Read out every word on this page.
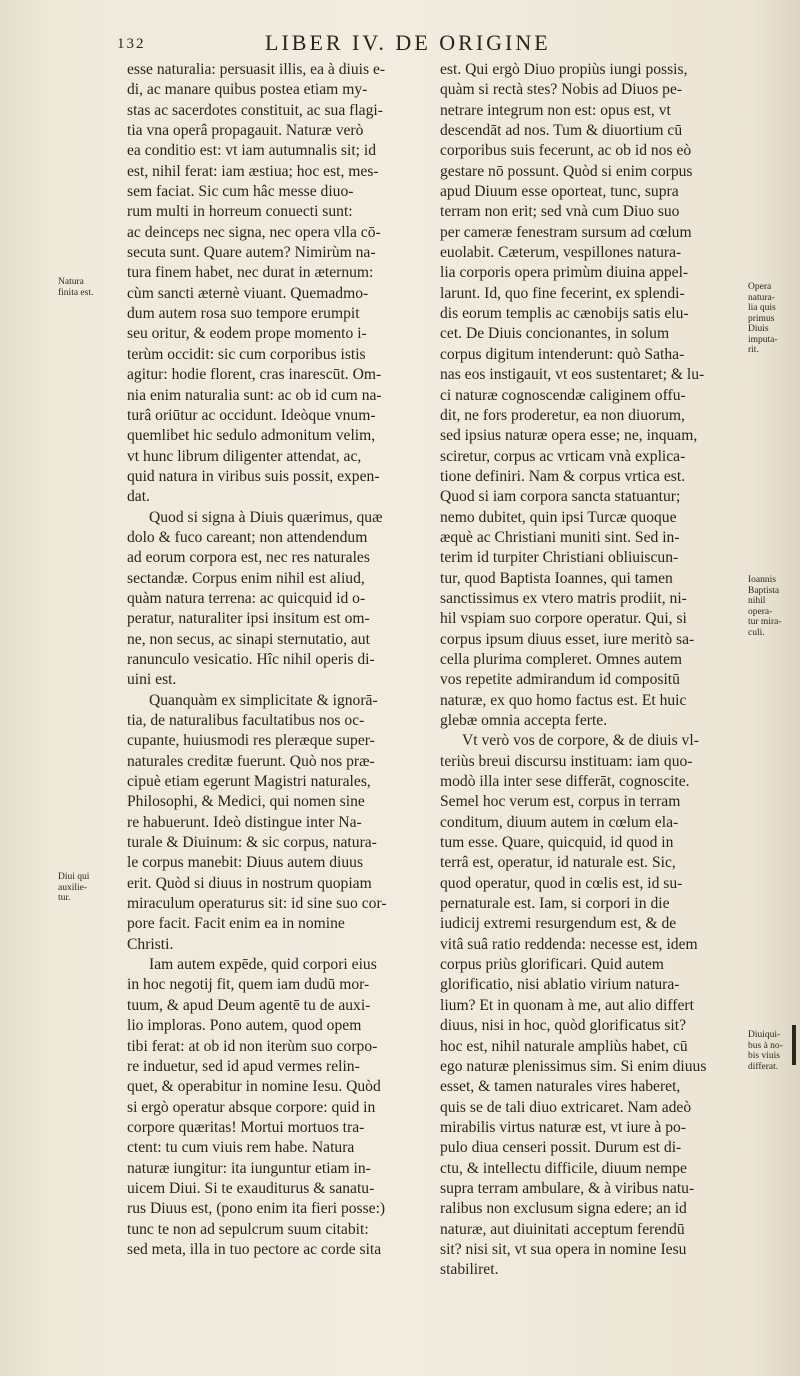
132	LIBER IV. DE ORIGINE
esse naturalia: persuasit illis, ea à diuis e-
di, ac manare quibus postea etiam my-
stas ac sacerdotes constituit, ac sua flagi-
tia vna operâ propagauit. Naturæ verò
ea conditio est: vt iam autumnalis sit; id
est, nihil ferat: iam æstiua; hoc est, mes-
sem faciat. Sic cum hâc messe diuo-
rum multi in horreum conuecti sunt:
ac deinceps nec signa, nec opera vlla cō-
secuta sunt. Quare autem? Nimirùm na-
tura finem habet, nec durat in æternum:
cùm sancti æternè viuant. Quemadmo-
dum autem rosa suo tempore erumpit
seu oritur, & eodem prope momento i-
terùm occidit: sic cum corporibus istis
agitur: hodie florent, cras inarescūt. Om-
nia enim naturalia sunt: ac ob id cum na-
turâ oriūtur ac occidunt. Ideòque vnum-
quemlibet hic sedulo admonitum velim,
vt hunc librum diligenter attendat, ac,
quid natura in viribus suis possit, expen-
dat.
Quod si signa à Diuis quærimus, quæ
dolo & fuco careant; non attendendum
ad eorum corpora est, nec res naturales
sectandæ. Corpus enim nihil est aliud,
quàm natura terrena: ac quicquid id o-
peratur, naturaliter ipsi insitum est om-
ne, non secus, ac sinapi sternutatio, aut
ranunculo vesicatio. Hîc nihil operis di-
uini est.
Quanquàm ex simplicitate & ignorā-
tia, de naturalibus facultatibus nos oc-
cupante, huiusmodi res pleræque super-
naturales creditæ fuerunt. Quò nos præ-
cipuè etiam egerunt Magistri naturales,
Philosophi, & Medici, qui nomen sine
re habuerunt. Ideò distingue inter Na-
turale & Diuinum: & sic corpus, natura-
le corpus manebit: Diuus autem diuus
erit. Quòd si diuus in nostrum quopiam
miraculum operaturus sit: id sine suo cor-
pore facit. Facit enim ea in nomine
Christi.
Iam autem expēde, quid corpori eius
in hoc negotij fit, quem iam dudū mor-
tuum, & apud Deum agentē tu de auxi-
lio imploras. Pono autem, quod opem
tibi ferat: at ob id non iterùm suo corpo-
re induetur, sed id apud vermes relin-
quet, & operabitur in nomine Iesu. Quòd
si ergò operatur absque corpore: quid in
corpore quæritas! Mortui mortuos tra-
ctent: tu cum viuis rem habe. Natura
naturæ iungitur: ita iunguntur etiam in-
uicem Diui. Si te exauditurus & sanatu-
rus Diuus est, (pono enim ita fieri posse:)
tunc te non ad sepulcrum suum citabit:
sed meta, illa in tuo pectore ac corde sita
est. Qui ergò Diuo propiùs iungi possis,
quàm si rectà stes? Nobis ad Diuos pe-
netrare integrum non est: opus est, vt
descendāt ad nos. Tum & diuortium cū
corporibus suis fecerunt, ac ob id nos eò
gestare nō possunt. Quòd si enim corpus
apud Diuum esse oporteat, tunc, supra
terram non erit; sed vnà cum Diuo suo
per cameræ fenestram sursum ad cœlum
euolabit. Cæterum, vespillones natura-
lia corporis opera primùm diuina appel-
larunt. Id, quo fine fecerint, ex splendi-
dis eorum templis ac cænobijs satis elu-
cet. De Diuis concionantes, in solum
corpus digitum intenderunt: quò Satha-
nas eos instigauit, vt eos sustentaret; & lu-
ci naturæ cognoscendæ caliginem offu-
dit, ne fors proderetur, ea non diuorum,
sed ipsius naturæ opera esse; ne, inquam,
sciretur, corpus ac vrticam vnà explica-
tione definiri. Nam & corpus vrtica est.
Quod si iam corpora sancta statuantur;
nemo dubitet, quin ipsi Turcæ quoque
æquè ac Christiani muniti sint. Sed in-
terim id turpiter Christiani obliuiscun-
tur, quod Baptista Ioannes, qui tamen
sanctissimus ex vtero matris prodiit, ni-
hil vspiam suo corpore operatur. Qui, si
corpus ipsum diuus esset, iure meritò sa-
cella plurima compleret. Omnes autem
vos repetite admirandum id compositū
naturæ, ex quo homo factus est. Et huic
glebæ omnia accepta ferte.
Vt verò vos de corpore, & de diuis vl-
teriùs breui discursu instituam: iam quo-
modò illa inter sese differāt, cognoscite.
Semel hoc verum est, corpus in terram
conditum, diuum autem in cœlum ela-
tum esse. Quare, quicquid, id quod in
terrâ est, operatur, id naturale est. Sic,
quod operatur, quod in cœlis est, id su-
pernaturale est. Iam, si corpori in die
iudicij extremi resurgendum est, & de
vitâ suâ ratio reddenda: necesse est, idem
corpus priùs glorificari. Quid autem
glorificatio, nisi ablatio virium natura-
lium? Et in quonam à me, aut alio differt
diuus, nisi in hoc, quòd glorificatus sit?
hoc est, nihil naturale ampliùs habet, cū
ego naturæ plenissimus sim. Si enim diuus
esset, & tamen naturales vires haberet,
quis se de tali diuo extricaret. Nam adeò
mirabilis virtus naturæ est, vt iure à po-
pulo diua censeri possit. Durum est di-
ctu, & intellectu difficile, diuum nempe
supra terram ambulare, & à viribus natu-
ralibus non exclusum signa edere; an id
naturæ, aut diuinitati acceptum ferendū
sit? nisi sit, vt sua opera in nomine Iesu
stabiliret.
Natura
finita est.
Diui qui
auxilie-
tur.
Opera
natura-
lia quis
primus
Diuis
imputa-
rit.
Ioannis
Baptista
nihil
opera-
tur mira-
culi.
Diuiqui-
bus à no-
bis viuis
differat.
